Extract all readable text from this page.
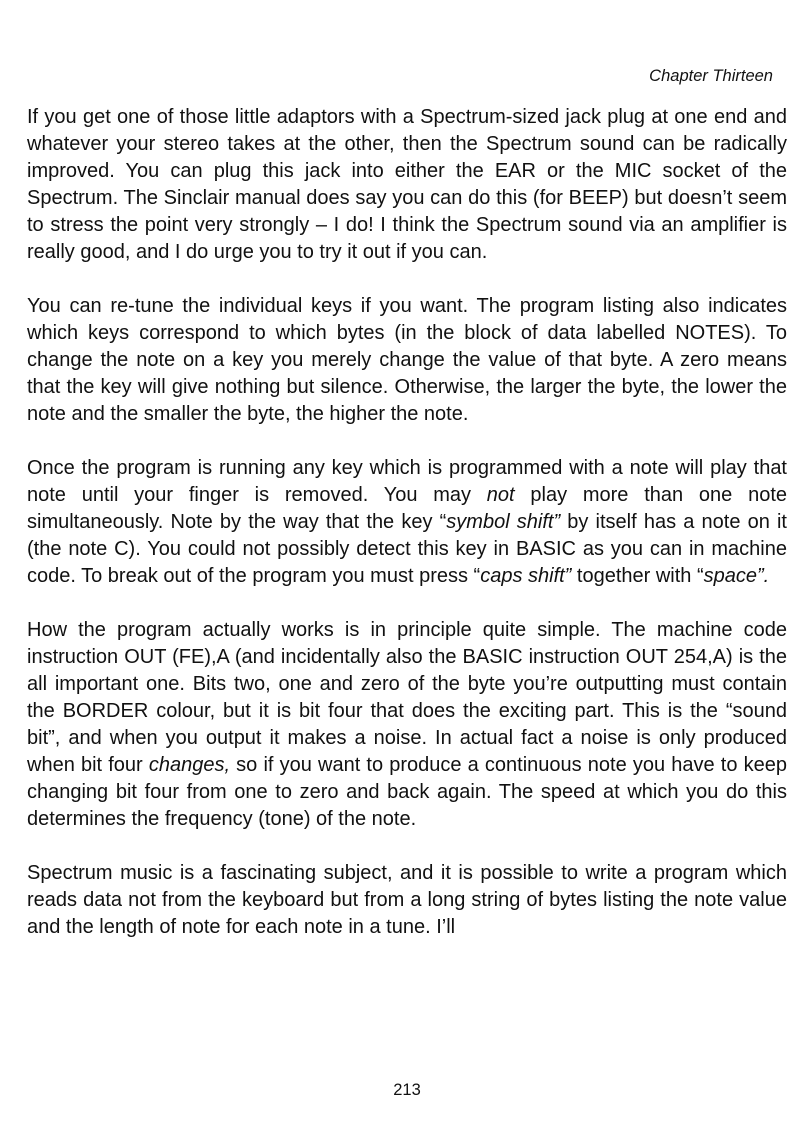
Chapter Thirteen

If you get one of those little adaptors with a Spectrum-sized jack plug at one end and whatever your stereo takes at the other, then the Spectrum sound can be radically improved. You can plug this jack into either the EAR or the MIC socket of the Spectrum. The Sinclair manual does say you can do this (for BEEP) but doesn’t seem to stress the point very strongly – I do! I think the Spectrum sound via an amplifier is really good, and I do urge you to try it out if you can.

You can re-tune the individual keys if you want. The program listing also indicates which keys correspond to which bytes (in the block of data labelled NOTES). To change the note on a key you merely change the value of that byte. A zero means that the key will give nothing but silence. Otherwise, the larger the byte, the lower the note and the smaller the byte, the higher the note.

Once the program is running any key which is programmed with a note will play that note until your finger is removed. You may not play more than one note simultaneously. Note by the way that the key “symbol shift” by itself has a note on it (the note C). You could not possibly detect this key in BASIC as you can in machine code. To break out of the program you must press “caps shift” together with “space”.

How the program actually works is in principle quite simple. The machine code instruction OUT (FE),A (and incidentally also the BASIC instruction OUT 254,A) is the all important one. Bits two, one and zero of the byte you’re outputting must contain the BORDER colour, but it is bit four that does the exciting part. This is the “sound bit”, and when you output it makes a noise. In actual fact a noise is only produced when bit four changes, so if you want to produce a continuous note you have to keep changing bit four from one to zero and back again. The speed at which you do this determines the frequency (tone) of the note.

Spectrum music is a fascinating subject, and it is possible to write a program which reads data not from the keyboard but from a long string of bytes listing the note value and the length of note for each note in a tune. I’ll

213
